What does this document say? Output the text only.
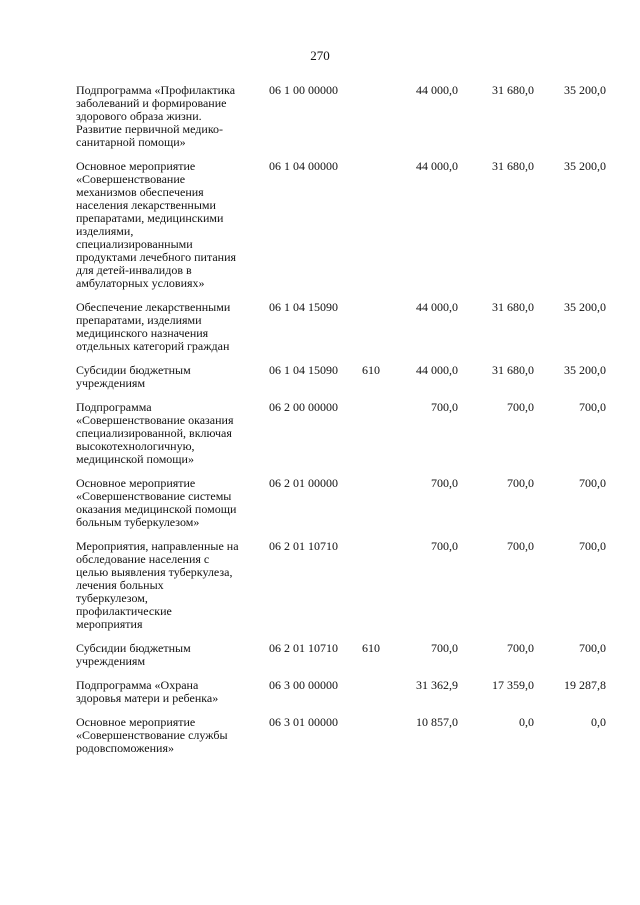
270
Подпрограмма «Профилактика
заболеваний и формирование
здорового образа жизни.
Развитие первичной медико-
санитарной помощи»
06 1 00 00000	44 000,0	31 680,0	35 200,0
Основное мероприятие
«Совершенствование
механизмов обеспечения
населения лекарственными
препаратами, медицинскими
изделиями,
специализированными
продуктами лечебного питания
для детей-инвалидов в
амбулаторных условиях»
06 1 04 00000	44 000,0	31 680,0	35 200,0
Обеспечение лекарственными
препаратами, изделиями
медицинского назначения
отдельных категорий граждан
06 1 04 15090	44 000,0	31 680,0	35 200,0
Субсидии бюджетным
учреждениям
06 1 04 15090	610	44 000,0	31 680,0	35 200,0
Подпрограмма
«Совершенствование оказания
специализированной, включая
высокотехнологичную,
медицинской помощи»
06 2 00 00000	700,0	700,0	700,0
Основное мероприятие
«Совершенствование системы
оказания медицинской помощи
больным туберкулезом»
06 2 01 00000	700,0	700,0	700,0
Мероприятия, направленные на
обследование населения с
целью выявления туберкулеза,
лечения больных
туберкулезом,
профилактические
мероприятия
06 2 01 10710	700,0	700,0	700,0
Субсидии бюджетным
учреждениям
06 2 01 10710	610	700,0	700,0	700,0
Подпрограмма «Охрана
здоровья матери и ребенка»
06 3 00 00000	31 362,9	17 359,0	19 287,8
Основное мероприятие
«Совершенствование службы
родовспоможения»
06 3 01 00000	10 857,0	0,0	0,0
